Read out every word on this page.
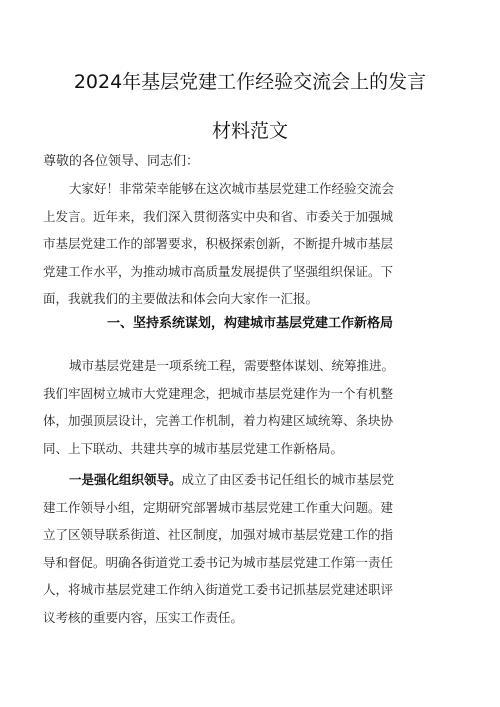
2024年基层党建工作经验交流会上的发言
材料范文
尊敬的各位领导、同志们：
大家好！非常荣幸能够在这次城市基层党建工作经验交流会
上发言。近年来，我们深入贯彻落实中央和省、市委关于加强城
市基层党建工作的部署要求，积极探索创新，不断提升城市基层
党建工作水平，为推动城市高质量发展提供了坚强组织保证。下
面，我就我们的主要做法和体会向大家作一汇报。
一、坚持系统谋划，构建城市基层党建工作新格局
城市基层党建是一项系统工程，需要整体谋划、统筹推进。
我们牢固树立城市大党建理念，把城市基层党建作为一个有机整
体，加强顶层设计，完善工作机制，着力构建区域统筹、条块协
同、上下联动、共建共享的城市基层党建工作新格局。
一是强化组织领导。成立了由区委书记任组长的城市基层党
建工作领导小组，定期研究部署城市基层党建工作重大问题。建
立了区领导联系街道、社区制度，加强对城市基层党建工作的指
导和督促。明确各街道党工委书记为城市基层党建工作第一责任
人，将城市基层党建工作纳入街道党工委书记抓基层党建述职评
议考核的重要内容，压实工作责任。
